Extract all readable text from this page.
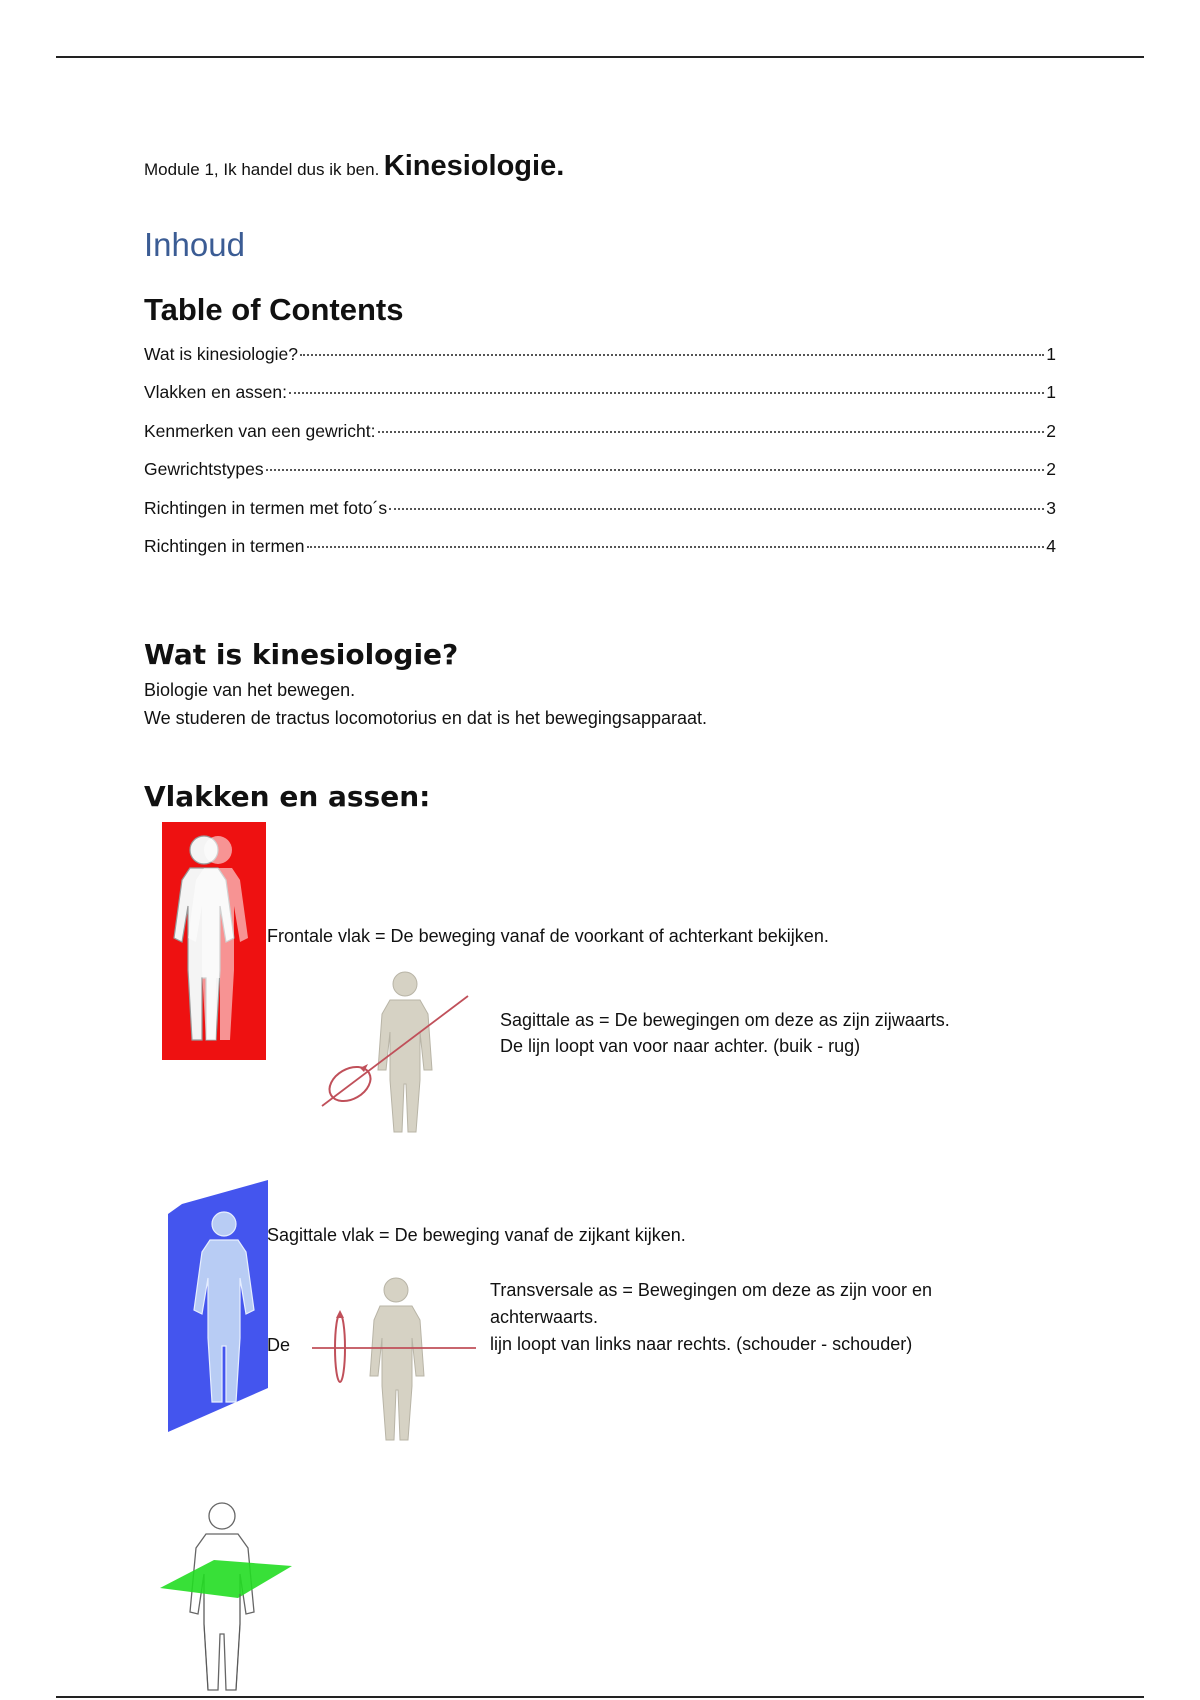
Module 1, Ik handel dus ik ben. Kinesiologie.
Inhoud
Table of Contents
Wat is kinesiologie?	1
Vlakken en assen:	1
Kenmerken van een gewricht:	2
Gewrichtstypes	2
Richtingen in termen met foto´s	3
Richtingen in termen	4
Wat is kinesiologie?

Biologie van het bewegen.

We studeren de tractus locomotorius en dat is het bewegingsapparaat.

Vlakken en assen:

Frontale vlak = De beweging vanaf de voorkant of achterkant bekijken.

Sagittale as = De bewegingen om deze as zijn zijwaarts.

De lijn loopt van voor naar achter. (buik - rug)

Sagittale vlak = De beweging vanaf de zijkant kijken.

De

Transversale as = Bewegingen om deze as zijn voor en

achterwaarts.

lijn loopt van links naar rechts. (schouder - schouder)
